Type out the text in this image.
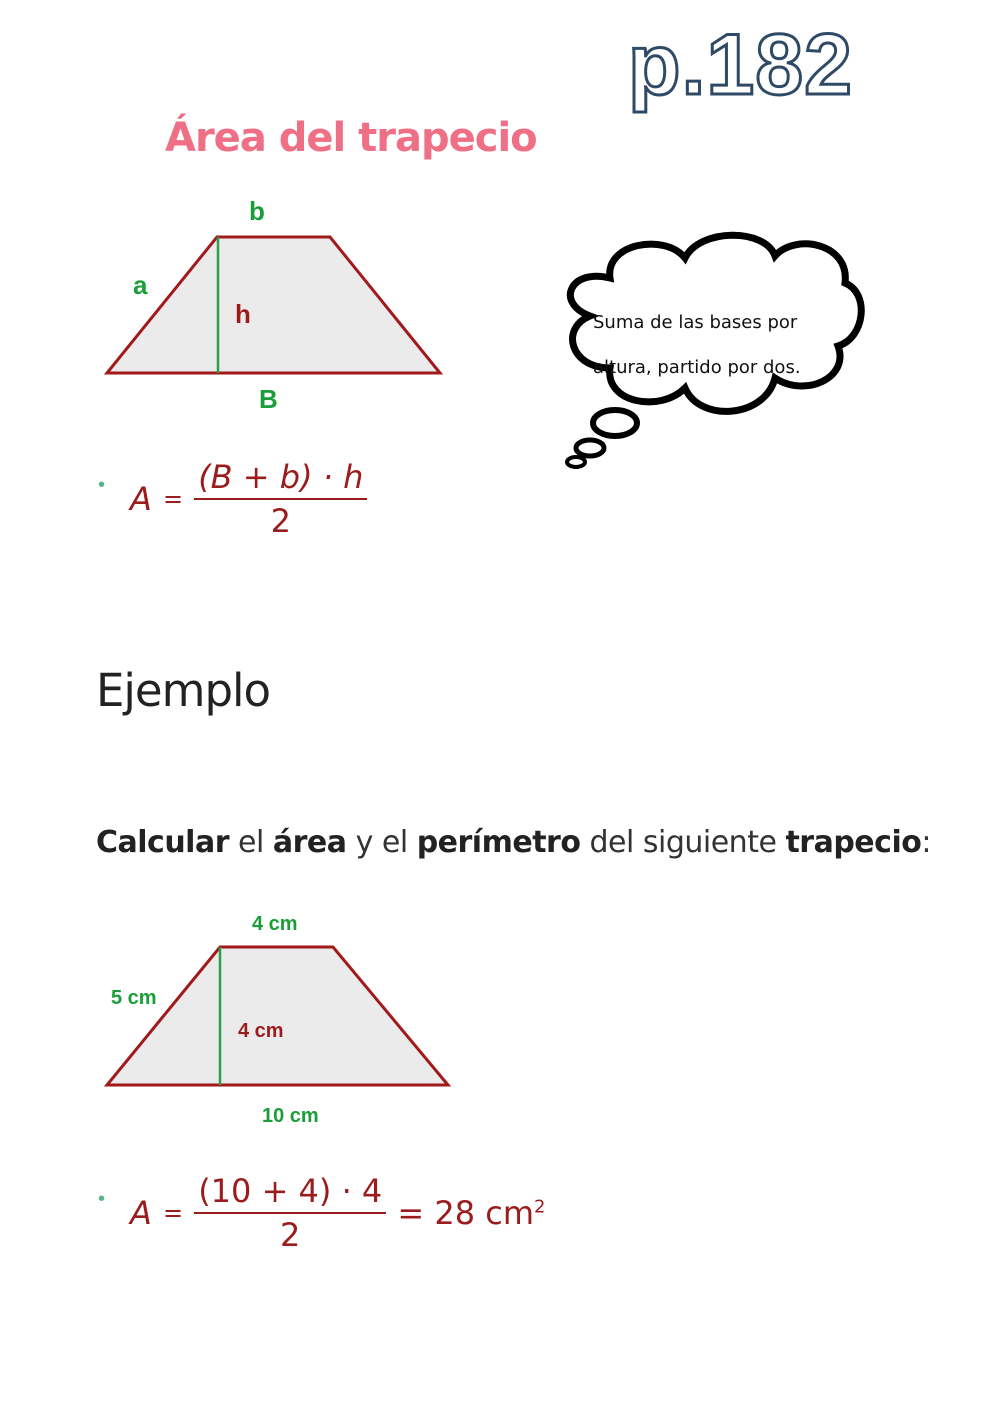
p.182
Área del trapecio
b
a
h
B
Suma de las bases por
altura, partido por dos.
• $A = \frac{(B + b) \cdot h}{2}$
Ejemplo
Calcular el área y el perímetro del siguiente trapecio:
4 cm
5 cm
4 cm
10 cm
• $A = \frac{(10 + 4) \cdot 4}{2} = 28$ $cm^2$
